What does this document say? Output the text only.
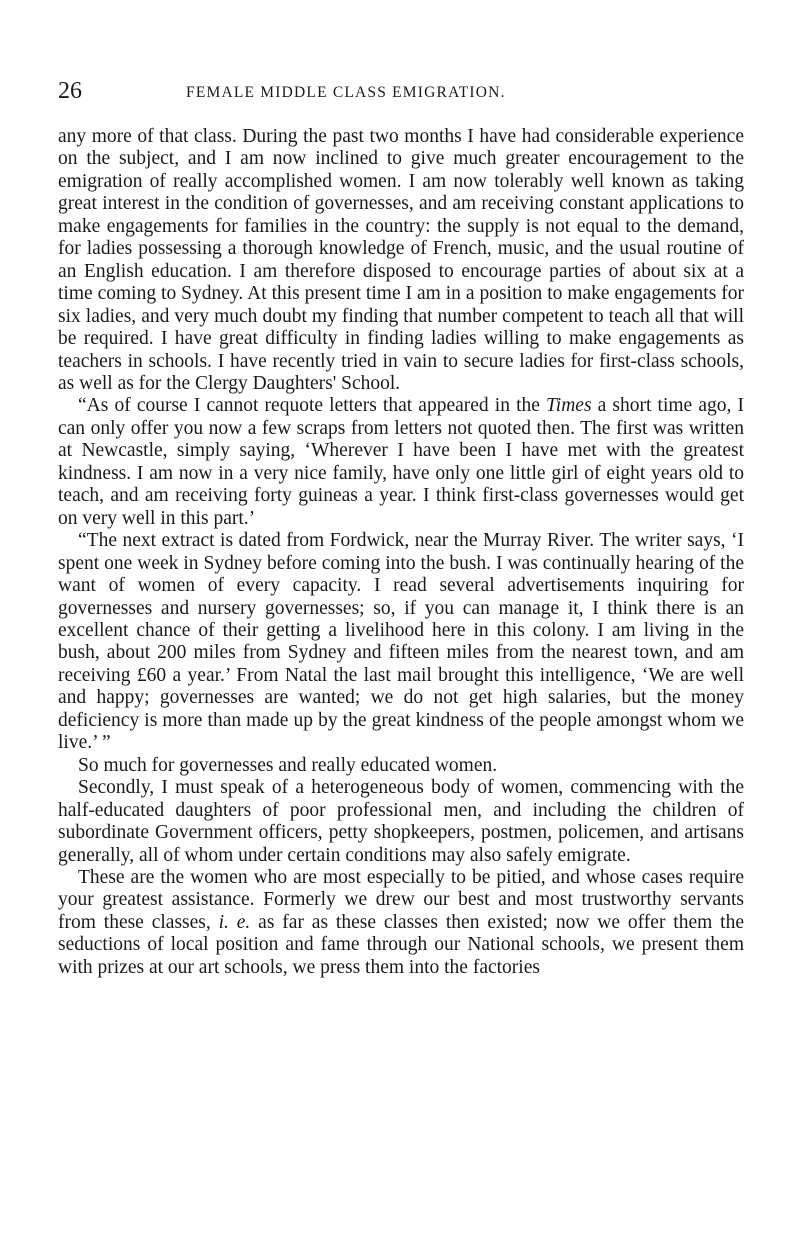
26	FEMALE MIDDLE CLASS EMIGRATION.

any more of that class. During the past two months I have had considerable experience on the subject, and I am now inclined to give much greater encouragement to the emigration of really accomplished women. I am now tolerably well known as taking great interest in the condition of governesses, and am receiving constant applications to make engagements for families in the country: the supply is not equal to the demand, for ladies possessing a thorough knowledge of French, music, and the usual routine of an English education. I am therefore disposed to encourage parties of about six at a time coming to Sydney. At this present time I am in a position to make engagements for six ladies, and very much doubt my finding that number competent to teach all that will be required. I have great difficulty in finding ladies willing to make engagements as teachers in schools. I have recently tried in vain to secure ladies for first-class schools, as well as for the Clergy Daughters' School.

“As of course I cannot requote letters that appeared in the Times a short time ago, I can only offer you now a few scraps from letters not quoted then. The first was written at Newcastle, simply saying, ‘Wherever I have been I have met with the greatest kindness. I am now in a very nice family, have only one little girl of eight years old to teach, and am receiving forty guineas a year. I think first-class governesses would get on very well in this part.’

“The next extract is dated from Fordwick, near the Murray River. The writer says, ‘I spent one week in Sydney before coming into the bush. I was continually hearing of the want of women of every capacity. I read several advertisements inquiring for governesses and nursery governesses; so, if you can manage it, I think there is an excellent chance of their getting a livelihood here in this colony. I am living in the bush, about 200 miles from Sydney and fifteen miles from the nearest town, and am receiving £60 a year.’ From Natal the last mail brought this intelligence, ‘We are well and happy; governesses are wanted; we do not get high salaries, but the money deficiency is more than made up by the great kindness of the people amongst whom we live.’ ”

So much for governesses and really educated women.

Secondly, I must speak of a heterogeneous body of women, commencing with the half-educated daughters of poor professional men, and including the children of subordinate Government officers, petty shopkeepers, postmen, policemen, and artisans generally, all of whom under certain conditions may also safely emigrate.

These are the women who are most especially to be pitied, and whose cases require your greatest assistance. Formerly we drew our best and most trustworthy servants from these classes, i. e. as far as these classes then existed; now we offer them the seductions of local position and fame through our National schools, we present them with prizes at our art schools, we press them into the factories
